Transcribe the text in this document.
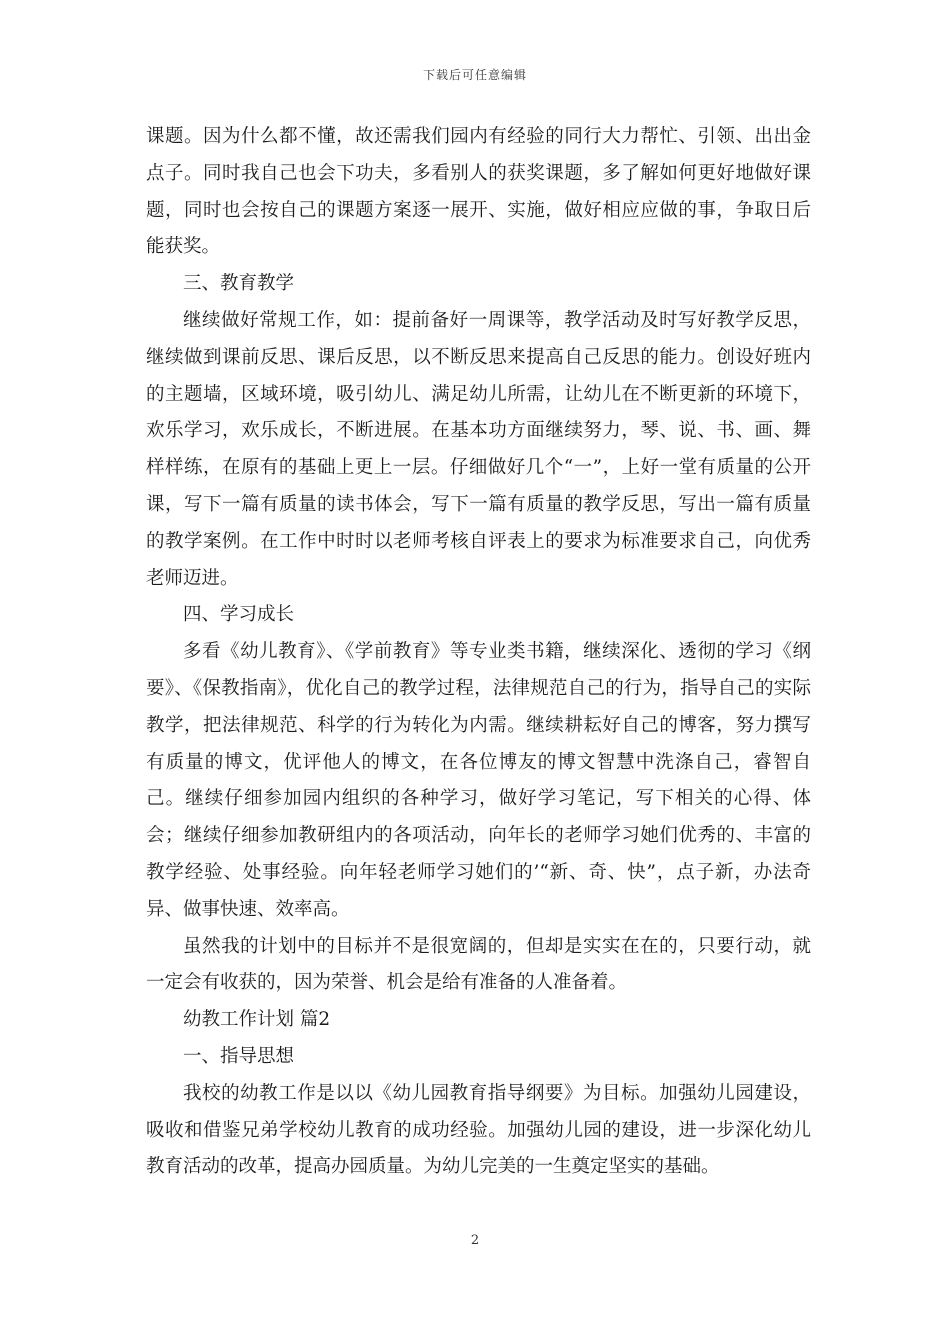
下载后可任意编辑

课题。因为什么都不懂，故还需我们园内有经验的同行大力帮忙、引领、出出金点子。同时我自己也会下功夫，多看别人的获奖课题，多了解如何更好地做好课题，同时也会按自己的课题方案逐一展开、实施，做好相应应做的事，争取日后能获奖。

三、教育教学

继续做好常规工作，如：提前备好一周课等，教学活动及时写好教学反思，继续做到课前反思、课后反思，以不断反思来提高自己反思的能力。创设好班内的主题墙，区域环境，吸引幼儿、满足幼儿所需，让幼儿在不断更新的环境下，欢乐学习，欢乐成长，不断进展。在基本功方面继续努力，琴、说、书、画、舞样样练，在原有的基础上更上一层。仔细做好几个“一”，上好一堂有质量的公开课，写下一篇有质量的读书体会，写下一篇有质量的教学反思，写出一篇有质量的教学案例。在工作中时时以老师考核自评表上的要求为标准要求自己，向优秀老师迈进。

四、学习成长

多看《幼儿教育》、《学前教育》等专业类书籍，继续深化、透彻的学习《纲要》、《保教指南》，优化自己的教学过程，法律规范自己的行为，指导自己的实际教学，把法律规范、科学的行为转化为内需。继续耕耘好自己的博客，努力撰写有质量的博文，优评他人的博文，在各位博友的博文智慧中洗涤自己，睿智自己。继续仔细参加园内组织的各种学习，做好学习笔记，写下相关的心得、体会；继续仔细参加教研组内的各项活动，向年长的老师学习她们优秀的、丰富的教学经验、处事经验。向年轻老师学习她们的’“新、奇、快”，点子新，办法奇异、做事快速、效率高。

虽然我的计划中的目标并不是很宽阔的，但却是实实在在的，只要行动，就一定会有收获的，因为荣誉、机会是给有准备的人准备着。

幼教工作计划 篇2

一、指导思想

我校的幼教工作是以以《幼儿园教育指导纲要》为目标。加强幼儿园建设，吸收和借鉴兄弟学校幼儿教育的成功经验。加强幼儿园的建设，进一步深化幼儿教育活动的改革，提高办园质量。为幼儿完美的一生奠定坚实的基础。

2
